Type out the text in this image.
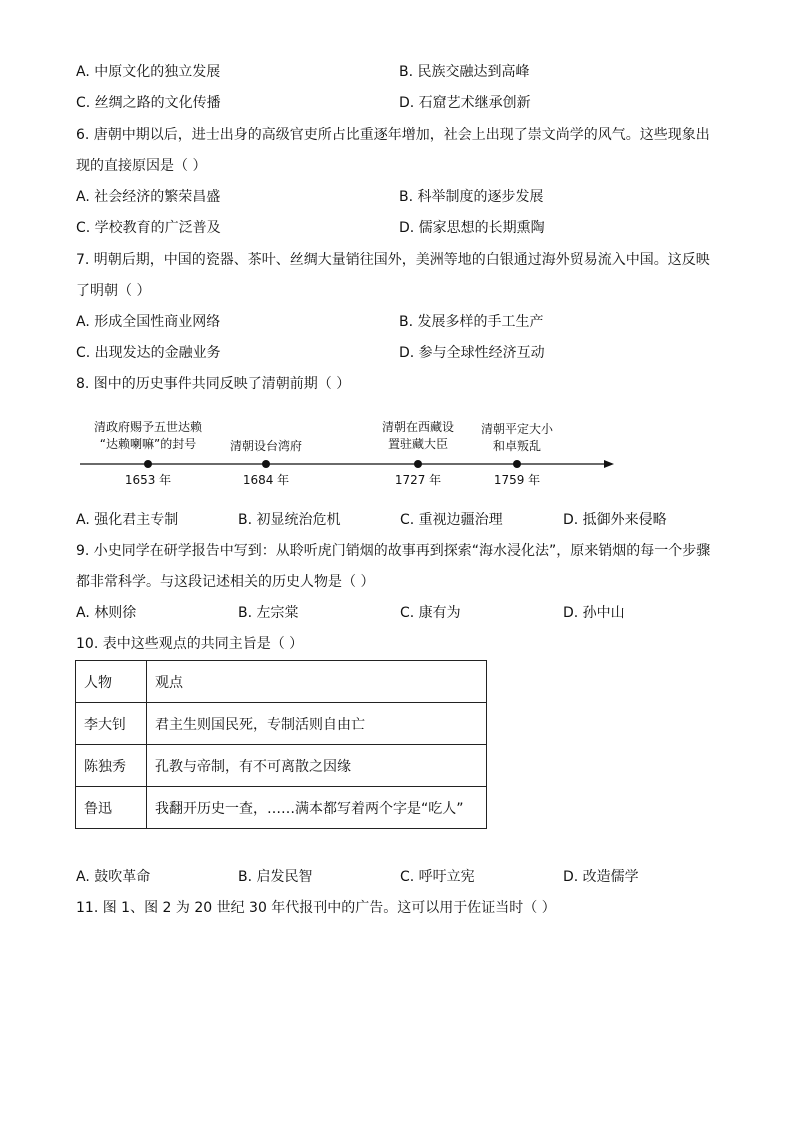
A. 中原文化的独立发展	B. 民族交融达到高峰
C. 丝绸之路的文化传播	D. 石窟艺术继承创新
6. 唐朝中期以后，进士出身的高级官吏所占比重逐年增加，社会上出现了崇文尚学的风气。这些现象出
现的直接原因是（ ）
A. 社会经济的繁荣昌盛	B. 科举制度的逐步发展
C. 学校教育的广泛普及	D. 儒家思想的长期熏陶
7. 明朝后期，中国的瓷器、茶叶、丝绸大量销往国外，美洲等地的白银通过海外贸易流入中国。这反映
了明朝（ ）
A. 形成全国性商业网络	B. 发展多样的手工生产
C. 出现发达的金融业务	D. 参与全球性经济互动
8. 图中的历史事件共同反映了清朝前期（ ）
清政府赐予五世达赖
“达赖喇嘛”的封号
1653 年
清朝设台湾府
1684 年
清朝在西藏设
置驻藏大臣
1727 年
清朝平定大小
和卓叛乱
1759 年
A. 强化君主专制	B. 初显统治危机	C. 重视边疆治理	D. 抵御外来侵略
9. 小史同学在研学报告中写到：从聆听虎门销烟的故事再到探索“海水浸化法”，原来销烟的每一个步骤
都非常科学。与这段记述相关的历史人物是（ ）
A. 林则徐	B. 左宗棠	C. 康有为	D. 孙中山
10. 表中这些观点的共同主旨是（ ）
人物	观点
李大钊	君主生则国民死，专制活则自由亡
陈独秀	孔教与帝制，有不可离散之因缘
鲁迅	我翻开历史一查，……满本都写着两个字是“吃人”
A. 鼓吹革命	B. 启发民智	C. 呼吁立宪	D. 改造儒学
11. 图 1、图 2 为 20 世纪 30 年代报刊中的广告。这可以用于佐证当时（ ）
